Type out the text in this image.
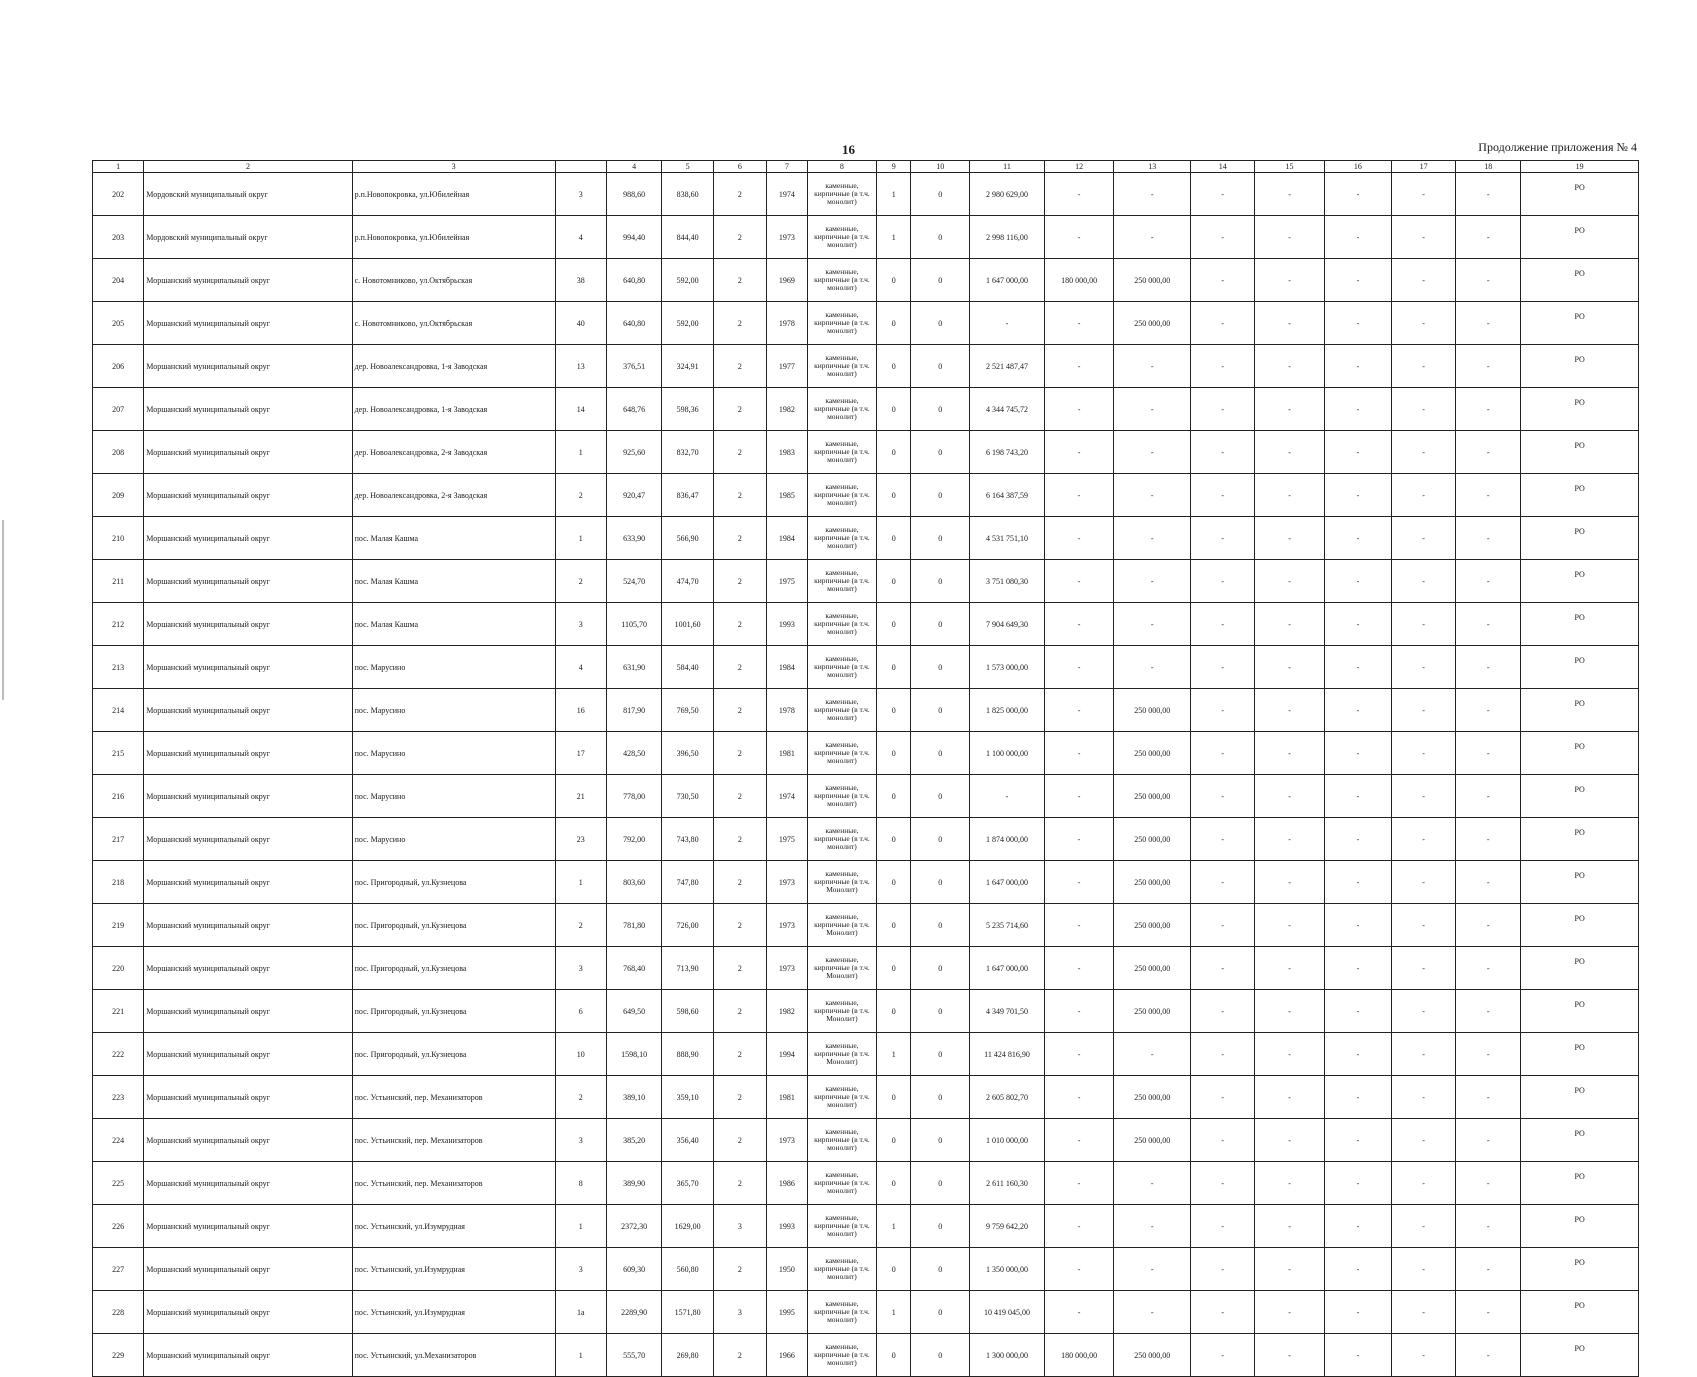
16	Продолжение приложения № 4
1	2	3		4	5	6	7	8	9	10	11	12	13	14	15	16	17	18	19
202	Мордовский муниципальный округ	р.п.Новопокровка, ул.Юбилейная	3	988,60	838,60	2	1974	каменные, кирпичные (в т.ч. монолит)	1	0	2 980 629,00	-	-	-	-	-	-	-	РО
203	Мордовский муниципальный округ	р.п.Новопокровка, ул.Юбилейная	4	994,40	844,40	2	1973	каменные, кирпичные (в т.ч. монолит)	1	0	2 998 116,00	-	-	-	-	-	-	-	РО
204	Моршанский муниципальный округ	с. Новотомниково, ул.Октябрьская	38	640,80	592,00	2	1969	каменные, кирпичные (в т.ч. монолит)	0	0	1 647 000,00	180 000,00	250 000,00	-	-	-	-	-	РО
205	Моршанский муниципальный округ	с. Новотомниково, ул.Октябрьская	40	640,80	592,00	2	1978	каменные, кирпичные (в т.ч. монолит)	0	0	-	-	250 000,00	-	-	-	-	-	РО
206	Моршанский муниципальный округ	дер. Новоалександровка, 1-я Заводская	13	376,51	324,91	2	1977	каменные, кирпичные (в т.ч. монолит)	0	0	2 521 487,47	-	-	-	-	-	-	-	РО
207	Моршанский муниципальный округ	дер. Новоалександровка, 1-я Заводская	14	648,76	598,36	2	1982	каменные, кирпичные (в т.ч. монолит)	0	0	4 344 745,72	-	-	-	-	-	-	-	РО
208	Моршанский муниципальный округ	дер. Новоалександровка, 2-я Заводская	1	925,60	832,70	2	1983	каменные, кирпичные (в т.ч. монолит)	0	0	6 198 743,20	-	-	-	-	-	-	-	РО
209	Моршанский муниципальный округ	дер. Новоалександровка, 2-я Заводская	2	920,47	836,47	2	1985	каменные, кирпичные (в т.ч. монолит)	0	0	6 164 387,59	-	-	-	-	-	-	-	РО
210	Моршанский муниципальный округ	пос. Малая Кашма	1	633,90	566,90	2	1984	каменные, кирпичные (в т.ч. монолит)	0	0	4 531 751,10	-	-	-	-	-	-	-	РО
211	Моршанский муниципальный округ	пос. Малая Кашма	2	524,70	474,70	2	1975	каменные, кирпичные (в т.ч. монолит)	0	0	3 751 080,30	-	-	-	-	-	-	-	РО
212	Моршанский муниципальный округ	пос. Малая Кашма	3	1105,70	1001,60	2	1993	каменные, кирпичные (в т.ч. монолит)	0	0	7 904 649,30	-	-	-	-	-	-	-	РО
213	Моршанский муниципальный округ	пос. Марусино	4	631,90	584,40	2	1984	каменные, кирпичные (в т.ч. монолит)	0	0	1 573 000,00	-	-	-	-	-	-	-	РО
214	Моршанский муниципальный округ	пос. Марусино	16	817,90	769,50	2	1978	каменные, кирпичные (в т.ч. монолит)	0	0	1 825 000,00	-	250 000,00	-	-	-	-	-	РО
215	Моршанский муниципальный округ	пос. Марусино	17	428,50	396,50	2	1981	каменные, кирпичные (в т.ч. монолит)	0	0	1 100 000,00	-	250 000,00	-	-	-	-	-	РО
216	Моршанский муниципальный округ	пос. Марусино	21	778,00	730,50	2	1974	каменные, кирпичные (в т.ч. монолит)	0	0	-	-	250 000,00	-	-	-	-	-	РО
217	Моршанский муниципальный округ	пос. Марусино	23	792,00	743,80	2	1975	каменные, кирпичные (в т.ч. монолит)	0	0	1 874 000,00	-	250 000,00	-	-	-	-	-	РО
218	Моршанский муниципальный округ	пос. Пригородный, ул.Кузнецова	1	803,60	747,80	2	1973	каменные, кирпичные (в т.ч. Монолит)	0	0	1 647 000,00	-	250 000,00	-	-	-	-	-	РО
219	Моршанский муниципальный округ	пос. Пригородный, ул.Кузнецова	2	781,80	726,00	2	1973	каменные, кирпичные (в т.ч. Монолит)	0	0	5 235 714,60	-	250 000,00	-	-	-	-	-	РО
220	Моршанский муниципальный округ	пос. Пригородный, ул.Кузнецова	3	768,40	713,90	2	1973	каменные, кирпичные (в т.ч. Монолит)	0	0	1 647 000,00	-	250 000,00	-	-	-	-	-	РО
221	Моршанский муниципальный округ	пос. Пригородный, ул.Кузнецова	6	649,50	598,60	2	1982	каменные, кирпичные (в т.ч. Монолит)	0	0	4 349 701,50	-	250 000,00	-	-	-	-	-	РО
222	Моршанский муниципальный округ	пос. Пригородный, ул.Кузнецова	10	1598,10	888,90	2	1994	каменные, кирпичные (в т.ч. Монолит)	1	0	11 424 816,90	-	-	-	-	-	-	-	РО
223	Моршанский муниципальный округ	пос. Устьинский, пер. Механизаторов	2	389,10	359,10	2	1981	каменные, кирпичные (в т.ч. монолит)	0	0	2 605 802,70	-	250 000,00	-	-	-	-	-	РО
224	Моршанский муниципальный округ	пос. Устьинский, пер. Механизаторов	3	385,20	356,40	2	1973	каменные, кирпичные (в т.ч. монолит)	0	0	1 010 000,00	-	250 000,00	-	-	-	-	-	РО
225	Моршанский муниципальный округ	пос. Устьинский, пер. Механизаторов	8	389,90	365,70	2	1986	каменные, кирпичные (в т.ч. монолит)	0	0	2 611 160,30	-	-	-	-	-	-	-	РО
226	Моршанский муниципальный округ	пос. Устьинский, ул.Изумрудная	1	2372,30	1629,00	3	1993	каменные, кирпичные (в т.ч. монолит)	1	0	9 759 642,20	-	-	-	-	-	-	-	РО
227	Моршанский муниципальный округ	пос. Устьинский, ул.Изумрудная	3	609,30	560,80	2	1950	каменные, кирпичные (в т.ч. монолит)	0	0	1 350 000,00	-	-	-	-	-	-	-	РО
228	Моршанский муниципальный округ	пос. Устьинский, ул.Изумрудная	1а	2289,90	1571,80	3	1995	каменные, кирпичные (в т.ч. монолит)	1	0	10 419 045,00	-	-	-	-	-	-	-	РО
229	Моршанский муниципальный округ	пос. Устьинский, ул.Механизаторов	1	555,70	269,80	2	1966	каменные, кирпичные (в т.ч. монолит)	0	0	1 300 000,00	180 000,00	250 000,00	-	-	-	-	-	РО
